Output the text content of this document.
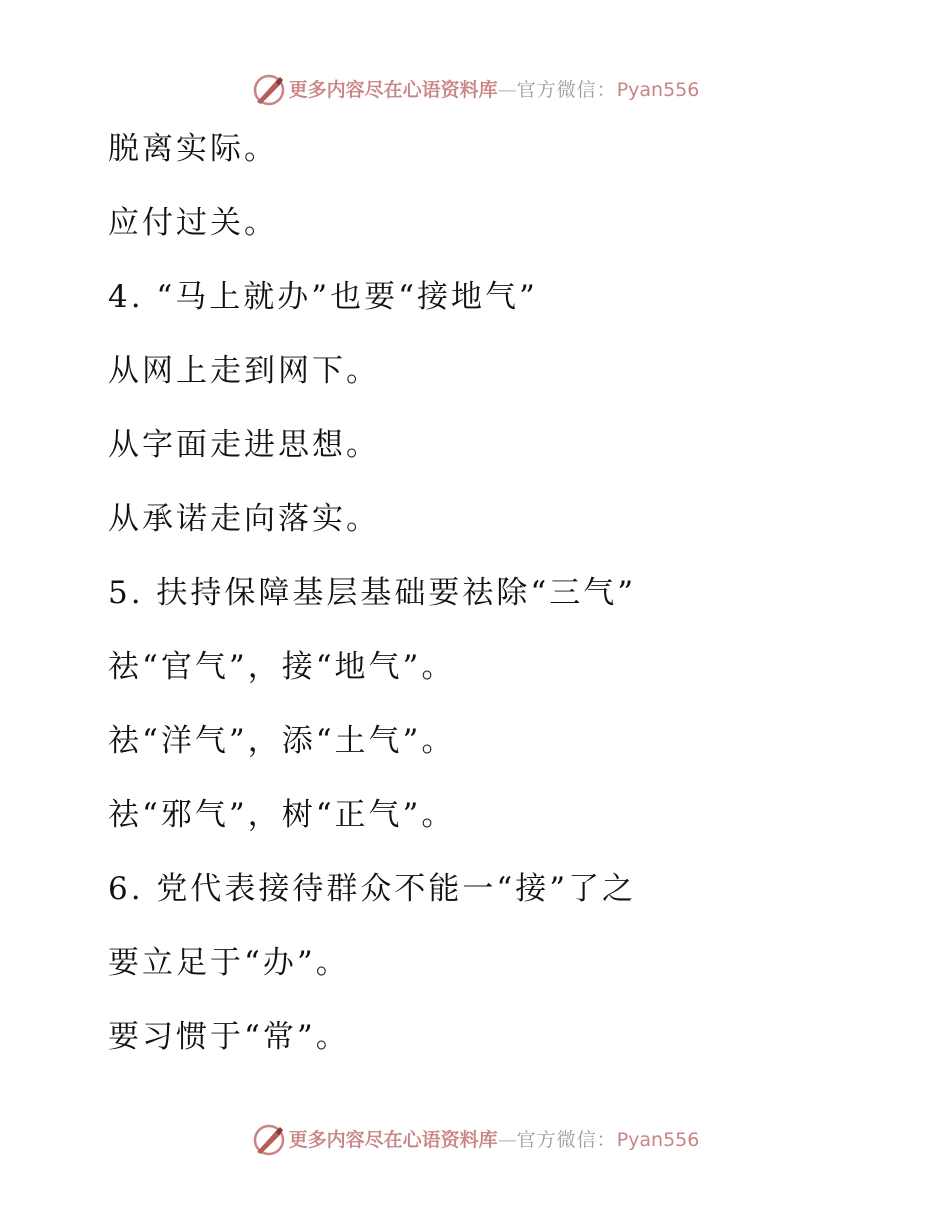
更多内容尽在心语资料库 — 官方微信： Pyan556
脱离实际。
应付过关。
4. “马上就办”也要“接地气”
从网上走到网下。
从字面走进思想。
从承诺走向落实。
5. 扶持保障基层基础要祛除“三气”
祛“官气”，接“地气”。
祛“洋气”，添“土气”。
祛“邪气”，树“正气”。
6. 党代表接待群众不能一“接”了之
要立足于“办”。
要习惯于“常”。
更多内容尽在心语资料库 — 官方微信： Pyan556
